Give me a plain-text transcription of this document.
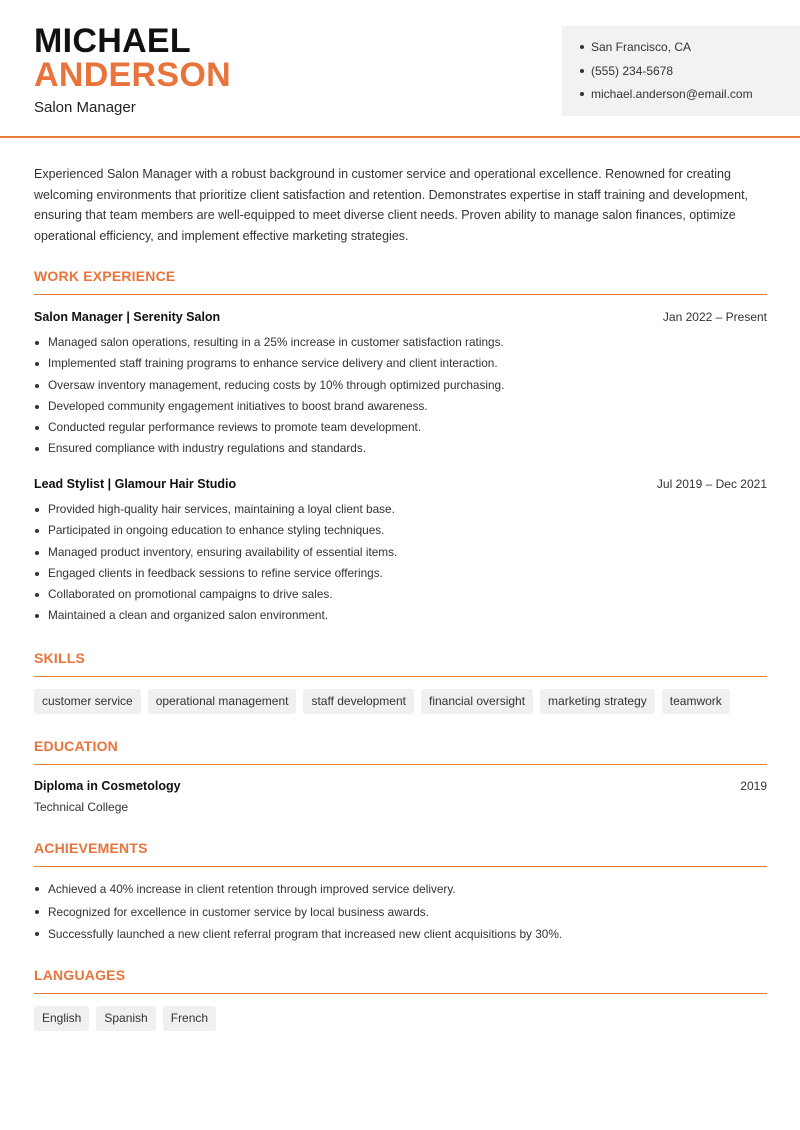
MICHAEL
ANDERSON
Salon Manager
San Francisco, CA
(555) 234-5678
michael.anderson@email.com
Experienced Salon Manager with a robust background in customer service and operational excellence. Renowned for creating welcoming environments that prioritize client satisfaction and retention. Demonstrates expertise in staff training and development, ensuring that team members are well-equipped to meet diverse client needs. Proven ability to manage salon finances, optimize operational efficiency, and implement effective marketing strategies.
WORK EXPERIENCE
Salon Manager | Serenity Salon	Jan 2022 – Present
Managed salon operations, resulting in a 25% increase in customer satisfaction ratings.
Implemented staff training programs to enhance service delivery and client interaction.
Oversaw inventory management, reducing costs by 10% through optimized purchasing.
Developed community engagement initiatives to boost brand awareness.
Conducted regular performance reviews to promote team development.
Ensured compliance with industry regulations and standards.
Lead Stylist | Glamour Hair Studio	Jul 2019 – Dec 2021
Provided high-quality hair services, maintaining a loyal client base.
Participated in ongoing education to enhance styling techniques.
Managed product inventory, ensuring availability of essential items.
Engaged clients in feedback sessions to refine service offerings.
Collaborated on promotional campaigns to drive sales.
Maintained a clean and organized salon environment.
SKILLS
customer service	operational management	staff development	financial oversight	marketing strategy	teamwork
EDUCATION
Diploma in Cosmetology	2019
Technical College
ACHIEVEMENTS
Achieved a 40% increase in client retention through improved service delivery.
Recognized for excellence in customer service by local business awards.
Successfully launched a new client referral program that increased new client acquisitions by 30%.
LANGUAGES
English	Spanish	French
